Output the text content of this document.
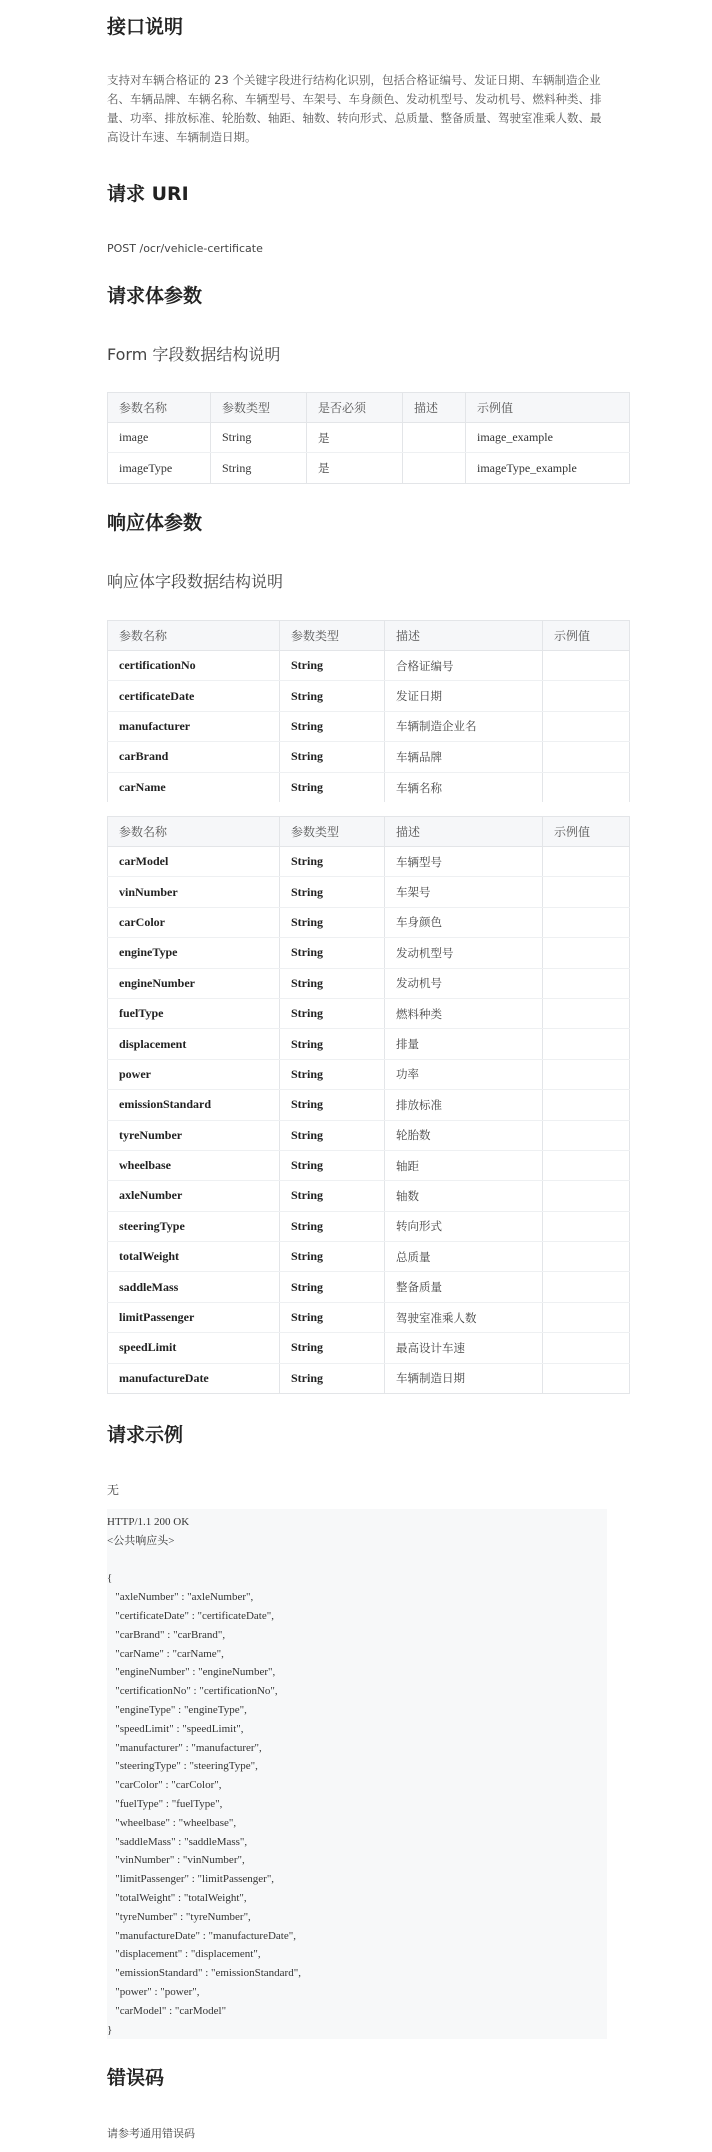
接口说明
支持对车辆合格证的 23 个关键字段进行结构化识别，包括合格证编号、发证日期、车辆制造企业名、车辆品牌、车辆名称、车辆型号、车架号、车身颜色、发动机型号、发动机号、燃料种类、排量、功率、排放标准、轮胎数、轴距、轴数、转向形式、总质量、整备质量、驾驶室准乘人数、最高设计车速、车辆制造日期。
请求 URI
POST /ocr/vehicle-certificate
请求体参数
Form 字段数据结构说明
参数名称	参数类型	是否必须	描述	示例值
image	String	是		image_example
imageType	String	是		imageType_example
响应体参数
响应体字段数据结构说明
参数名称	参数类型	描述	示例值
certificationNo	String	合格证编号	
certificateDate	String	发证日期	
manufacturer	String	车辆制造企业名	
carBrand	String	车辆品牌	
carName	String	车辆名称	
参数名称	参数类型	描述	示例值
carModel	String	车辆型号	
vinNumber	String	车架号	
carColor	String	车身颜色	
engineType	String	发动机型号	
engineNumber	String	发动机号	
fuelType	String	燃料种类	
displacement	String	排量	
power	String	功率	
emissionStandard	String	排放标准	
tyreNumber	String	轮胎数	
wheelbase	String	轴距	
axleNumber	String	轴数	
steeringType	String	转向形式	
totalWeight	String	总质量	
saddleMass	String	整备质量	
limitPassenger	String	驾驶室准乘人数	
speedLimit	String	最高设计车速	
manufactureDate	String	车辆制造日期	
请求示例
无
HTTP/1.1 200 OK
<公共响应头>
{
"axleNumber" : "axleNumber",
"certificateDate" : "certificateDate",
"carBrand" : "carBrand",
"carName" : "carName",
"engineNumber" : "engineNumber",
"certificationNo" : "certificationNo",
"engineType" : "engineType",
"speedLimit" : "speedLimit",
"manufacturer" : "manufacturer",
"steeringType" : "steeringType",
"carColor" : "carColor",
"fuelType" : "fuelType",
"wheelbase" : "wheelbase",
"saddleMass" : "saddleMass",
"vinNumber" : "vinNumber",
"limitPassenger" : "limitPassenger",
"totalWeight" : "totalWeight",
"tyreNumber" : "tyreNumber",
"manufactureDate" : "manufactureDate",
"displacement" : "displacement",
"emissionStandard" : "emissionStandard",
"power" : "power",
"carModel" : "carModel"
}
错误码
请参考通用错误码
